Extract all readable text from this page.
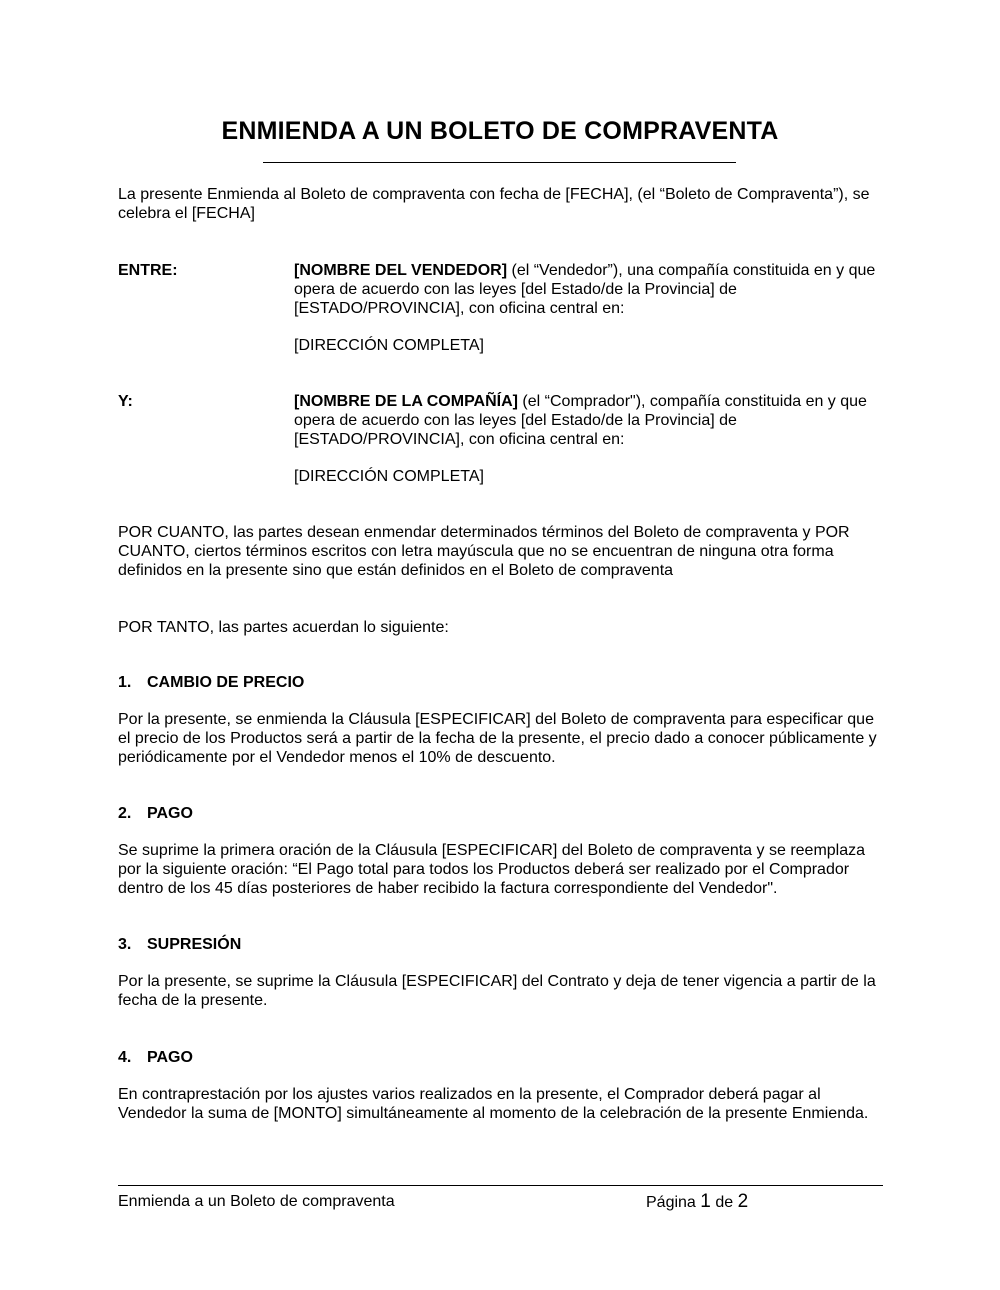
ENMIENDA A UN BOLETO DE COMPRAVENTA
La presente Enmienda al Boleto de compraventa con fecha de [FECHA], (el “Boleto de Compraventa”), se celebra el [FECHA]
ENTRE:	[NOMBRE DEL VENDEDOR] (el “Vendedor”), una compañía constituida en y que opera de acuerdo con las leyes [del Estado/de la Provincia] de [ESTADO/PROVINCIA], con oficina central en:
[DIRECCIÓN COMPLETA]
Y:	[NOMBRE DE LA COMPAÑÍA] (el “Comprador"), compañía constituida en y que opera de acuerdo con las leyes [del Estado/de la Provincia] de [ESTADO/PROVINCIA], con oficina central en:
[DIRECCIÓN COMPLETA]
POR CUANTO, las partes desean enmendar determinados términos del Boleto de compraventa y POR CUANTO, ciertos términos escritos con letra mayúscula que no se encuentran de ninguna otra forma definidos en la presente sino que están definidos en el Boleto de compraventa
POR TANTO, las partes acuerdan lo siguiente:
1. CAMBIO DE PRECIO
Por la presente, se enmienda la Cláusula [ESPECIFICAR] del Boleto de compraventa para especificar que el precio de los Productos será a partir de la fecha de la presente, el precio dado a conocer públicamente y periódicamente por el Vendedor menos el 10% de descuento.
2. PAGO
Se suprime la primera oración de la Cláusula [ESPECIFICAR] del Boleto de compraventa y se reemplaza por la siguiente oración: “El Pago total para todos los Productos deberá ser realizado por el Comprador dentro de los 45 días posteriores de haber recibido la factura correspondiente del Vendedor".
3. SUPRESIÓN
Por la presente, se suprime la Cláusula [ESPECIFICAR] del Contrato y deja de tener vigencia a partir de la fecha de la presente.
4. PAGO
En contraprestación por los ajustes varios realizados en la presente, el Comprador deberá pagar al Vendedor la suma de [MONTO] simultáneamente al momento de la celebración de la presente Enmienda.
Enmienda a un Boleto de compraventa	Página 1 de 2
